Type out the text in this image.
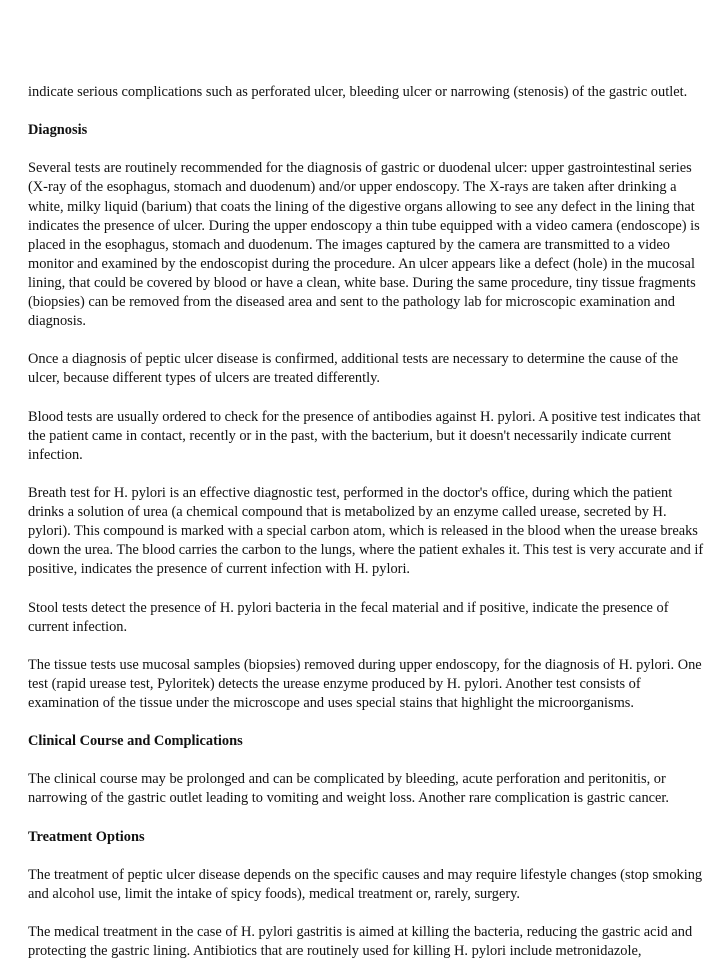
indicate serious complications such as perforated ulcer, bleeding ulcer or narrowing (stenosis) of the gastric outlet.

Diagnosis

Several tests are routinely recommended for the diagnosis of gastric or duodenal ulcer: upper gastrointestinal series (X-ray of the esophagus, stomach and duodenum) and/or upper endoscopy. The X-rays are taken after drinking a white, milky liquid (barium) that coats the lining of the digestive organs allowing to see any defect in the lining that indicates the presence of ulcer. During the upper endoscopy a thin tube equipped with a video camera (endoscope) is placed in the esophagus, stomach and duodenum. The images captured by the camera are transmitted to a video monitor and examined by the endoscopist during the procedure. An ulcer appears like a defect (hole) in the mucosal lining, that could be covered by blood or have a clean, white base. During the same procedure, tiny tissue fragments (biopsies) can be removed from the diseased area and sent to the pathology lab for microscopic examination and diagnosis.

Once a diagnosis of peptic ulcer disease is confirmed, additional tests are necessary to determine the cause of the ulcer, because different types of ulcers are treated differently.

Blood tests are usually ordered to check for the presence of antibodies against H. pylori. A positive test indicates that the patient came in contact, recently or in the past, with the bacterium, but it doesn't necessarily indicate current infection.

Breath test for H. pylori is an effective diagnostic test, performed in the doctor's office, during which the patient drinks a solution of urea (a chemical compound that is metabolized by an enzyme called urease, secreted by H. pylori). This compound is marked with a special carbon atom, which is released in the blood when the urease breaks down the urea. The blood carries the carbon to the lungs, where the patient exhales it. This test is very accurate and if positive, indicates the presence of current infection with H. pylori.

Stool tests detect the presence of H. pylori bacteria in the fecal material and if positive, indicate the presence of current infection.

The tissue tests use mucosal samples (biopsies) removed during upper endoscopy, for the diagnosis of H. pylori. One test (rapid urease test, Pyloritek) detects the urease enzyme produced by H. pylori. Another test consists of examination of the tissue under the microscope and uses special stains that highlight the microorganisms.

Clinical Course and Complications

The clinical course may be prolonged and can be complicated by bleeding, acute perforation and peritonitis, or narrowing of the gastric outlet leading to vomiting and weight loss. Another rare complication is gastric cancer.

Treatment Options

The treatment of peptic ulcer disease depends on the specific causes and may require lifestyle changes (stop smoking and alcohol use, limit the intake of spicy foods), medical treatment or, rarely, surgery.

The medical treatment in the case of H. pylori gastritis is aimed at killing the bacteria, reducing the gastric acid and protecting the gastric lining. Antibiotics that are routinely used for killing H. pylori include metronidazole,
